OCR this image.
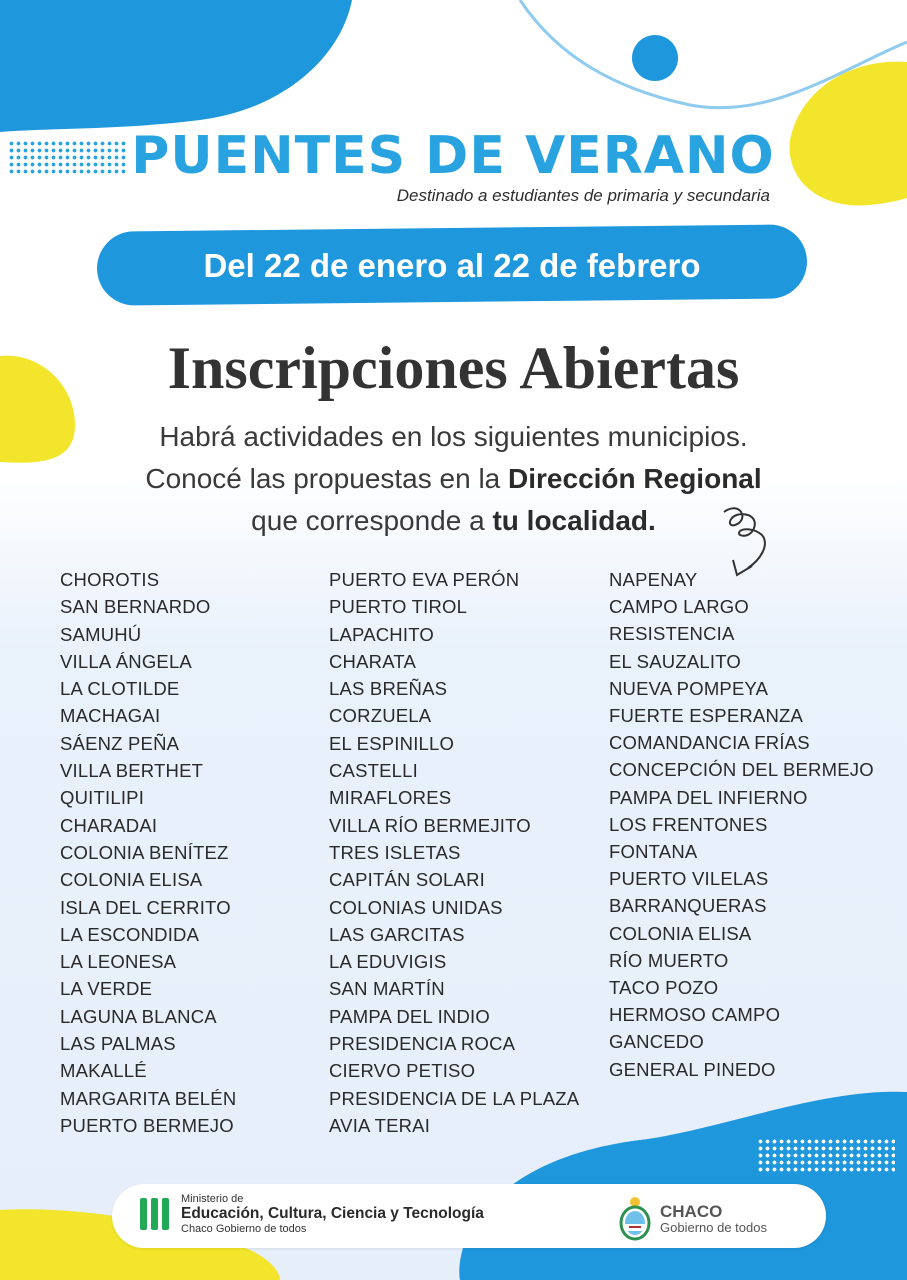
PUENTES DE VERANO
Destinado a estudiantes de primaria y secundaria
Del 22 de enero al 22 de febrero
Inscripciones Abiertas
Habrá actividades en los siguientes municipios.
Conocé las propuestas en la Dirección Regional
que corresponde a tu localidad.
CHOROTIS
SAN BERNARDO
SAMUHÚ
VILLA ÁNGELA
LA CLOTILDE
MACHAGAI
SÁENZ PEÑA
VILLA BERTHET
QUITILIPI
CHARADAI
COLONIA BENÍTEZ
COLONIA ELISA
ISLA DEL CERRITO
LA ESCONDIDA
LA LEONESA
LA VERDE
LAGUNA BLANCA
LAS PALMAS
MAKALLÉ
MARGARITA BELÉN
PUERTO BERMEJO
PUERTO EVA PERÓN
PUERTO TIROL
LAPACHITO
CHARATA
LAS BREÑAS
CORZUELA
EL ESPINILLO
CASTELLI
MIRAFLORES
VILLA RÍO BERMEJITO
TRES ISLETAS
CAPITÁN SOLARI
COLONIAS UNIDAS
LAS GARCITAS
LA EDUVIGIS
SAN MARTÍN
PAMPA DEL INDIO
PRESIDENCIA ROCA
CIERVO PETISO
PRESIDENCIA DE LA PLAZA
AVIA TERAI
NAPENAY
CAMPO LARGO
RESISTENCIA
EL SAUZALITO
NUEVA POMPEYA
FUERTE ESPERANZA
COMANDANCIA FRÍAS
CONCEPCIÓN DEL BERMEJO
PAMPA DEL INFIERNO
LOS FRENTONES
FONTANA
PUERTO VILELAS
BARRANQUERAS
COLONIA ELISA
RÍO MUERTO
TACO POZO
HERMOSO CAMPO
GANCEDO
GENERAL PINEDO
Ministerio de
Educación, Cultura, Ciencia y Tecnología
Chaco Gobierno de todos
CHACO
Gobierno de todos
